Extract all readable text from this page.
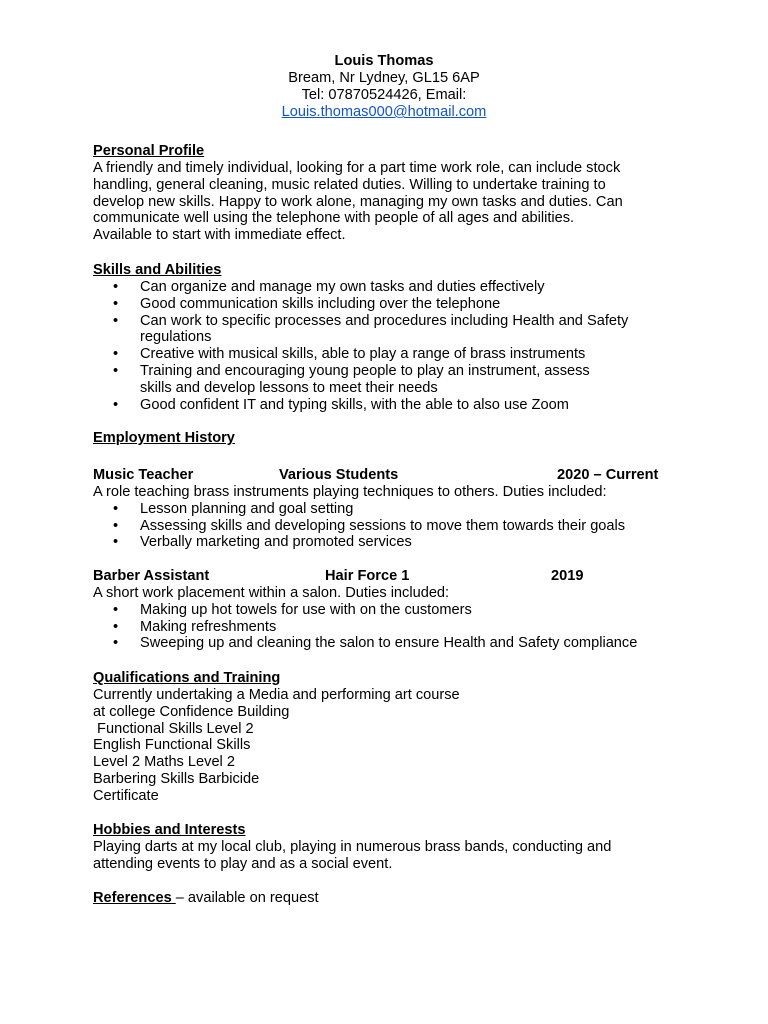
Louis Thomas
Bream, Nr Lydney, GL15 6AP
Tel: 07870524426, Email:
Louis.thomas000@hotmail.com
Personal Profile
A friendly and timely individual, looking for a part time work role, can include stock
handling, general cleaning, music related duties. Willing to undertake training to
develop new skills. Happy to work alone, managing my own tasks and duties. Can
communicate well using the telephone with people of all ages and abilities.
Available to start with immediate effect.
Skills and Abilities
• Can organize and manage my own tasks and duties effectively
• Good communication skills including over the telephone
• Can work to specific processes and procedures including Health and Safety regulations
• Creative with musical skills, able to play a range of brass instruments
• Training and encouraging young people to play an instrument, assess skills and develop lessons to meet their needs
• Good confident IT and typing skills, with the able to also use Zoom
Employment History
Music Teacher	Various Students	2020 – Current
A role teaching brass instruments playing techniques to others. Duties included:
• Lesson planning and goal setting
• Assessing skills and developing sessions to move them towards their goals
• Verbally marketing and promoted services
Barber Assistant	Hair Force 1	2019
A short work placement within a salon. Duties included:
• Making up hot towels for use with on the customers
• Making refreshments
• Sweeping up and cleaning the salon to ensure Health and Safety compliance
Qualifications and Training
Currently undertaking a Media and performing art course
at college Confidence Building
Functional Skills Level 2
English Functional Skills
Level 2 Maths Level 2
Barbering Skills Barbicide
Certificate
Hobbies and Interests
Playing darts at my local club, playing in numerous brass bands, conducting and
attending events to play and as a social event.
References – available on request
